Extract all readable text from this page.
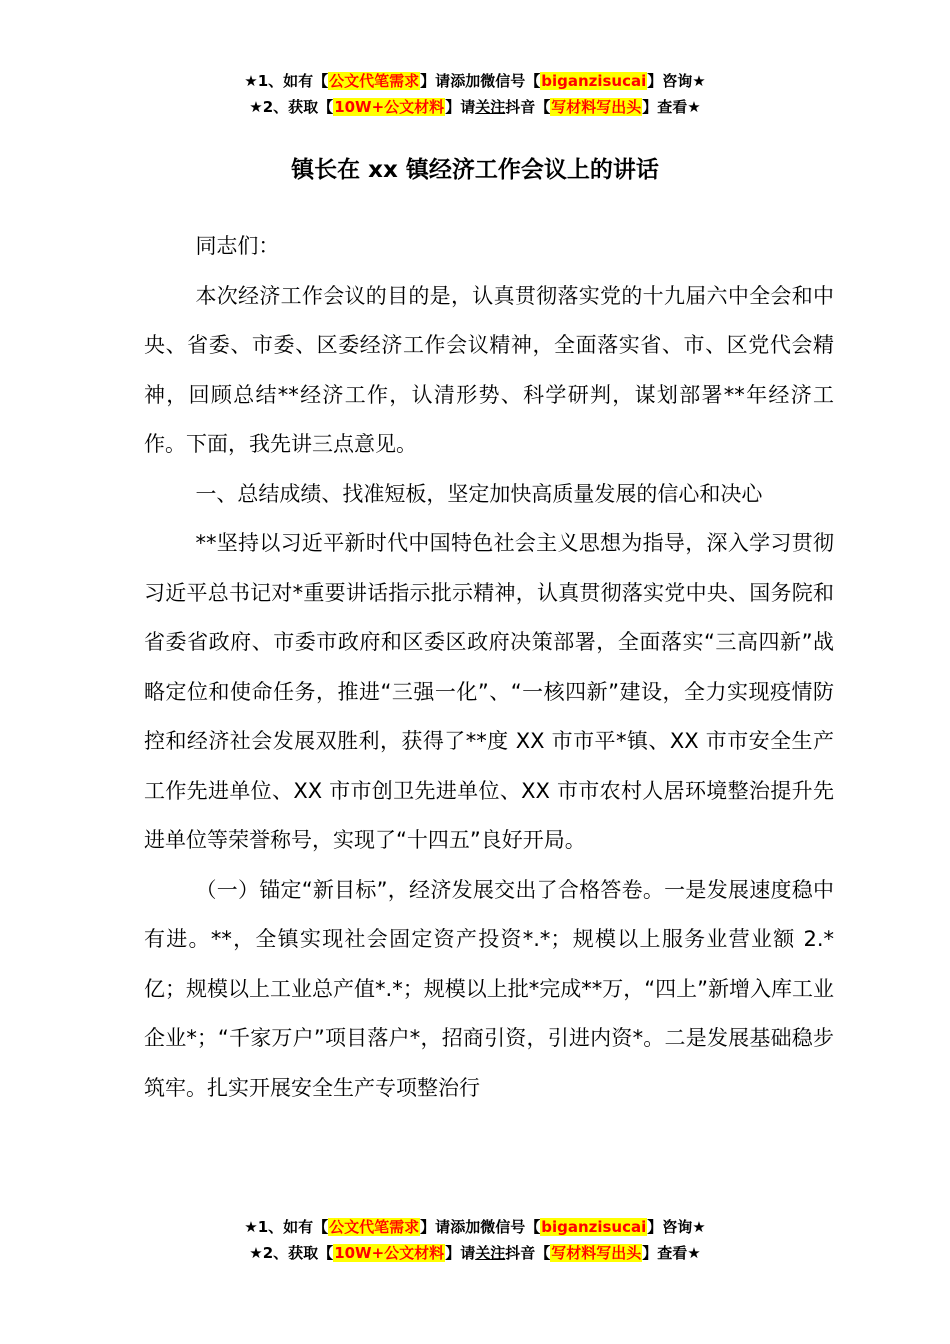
★1、如有【公文代笔需求】请添加微信号【biganzisucai】咨询★
★2、获取【10W+公文材料】请关注抖音【写材料写出头】查看★
镇长在 xx 镇经济工作会议上的讲话

同志们：

本次经济工作会议的目的是，认真贯彻落实党的十九届六中全会和中央、省委、市委、区委经济工作会议精神，全面落实省、市、区党代会精神，回顾总结**经济工作，认清形势、科学研判，谋划部署**年经济工作。下面，我先讲三点意见。

一、总结成绩、找准短板，坚定加快高质量发展的信心和决心

**坚持以习近平新时代中国特色社会主义思想为指导，深入学习贯彻习近平总书记对*重要讲话指示批示精神，认真贯彻落实党中央、国务院和省委省政府、市委市政府和区委区政府决策部署，全面落实“三高四新”战略定位和使命任务，推进“三强一化”、“一核四新”建设，全力实现疫情防控和经济社会发展双胜利，获得了**度 XX 市市平*镇、XX 市市安全生产工作先进单位、XX 市市创卫先进单位、XX 市市农村人居环境整治提升先进单位等荣誉称号，实现了“十四五”良好开局。

（一）锚定“新目标”，经济发展交出了合格答卷。一是发展速度稳中有进。**，全镇实现社会固定资产投资*.*；规模以上服务业营业额 2.*亿；规模以上工业总产值*.*；规模以上批*完成**万，“四上”新增入库工业企业*；“千家万户”项目落户*，招商引资，引进内资*。二是发展基础稳步筑牢。扎实开展安全生产专项整治行

★1、如有【公文代笔需求】请添加微信号【biganzisucai】咨询★
★2、获取【10W+公文材料】请关注抖音【写材料写出头】查看★
